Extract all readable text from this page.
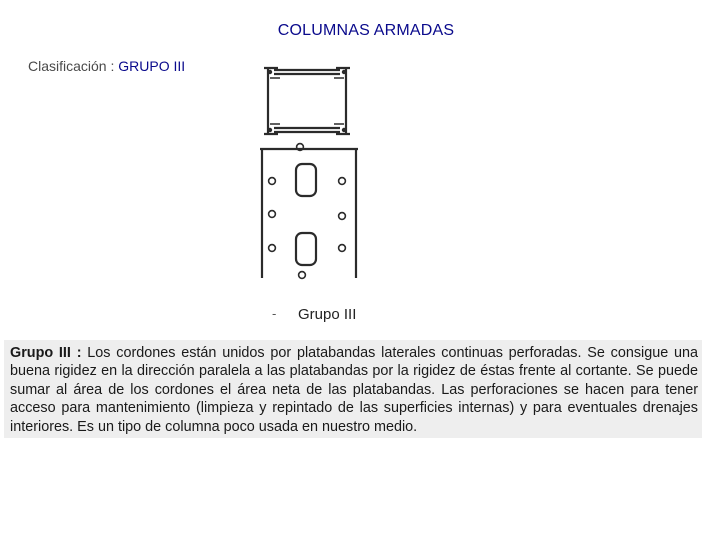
COLUMNAS ARMADAS
Clasificación : GRUPO III
- Grupo III
Grupo III : Los cordones están unidos por platabandas laterales continuas perforadas. Se consigue una buena rigidez en la dirección paralela a las platabandas por la rigidez de éstas frente al cortante. Se puede sumar al área de los cordones el área neta de las platabandas. Las perforaciones se hacen para tener acceso para mantenimiento (limpieza y repintado de las superficies internas) y para eventuales drenajes interiores. Es un tipo de columna poco usada en nuestro medio.
